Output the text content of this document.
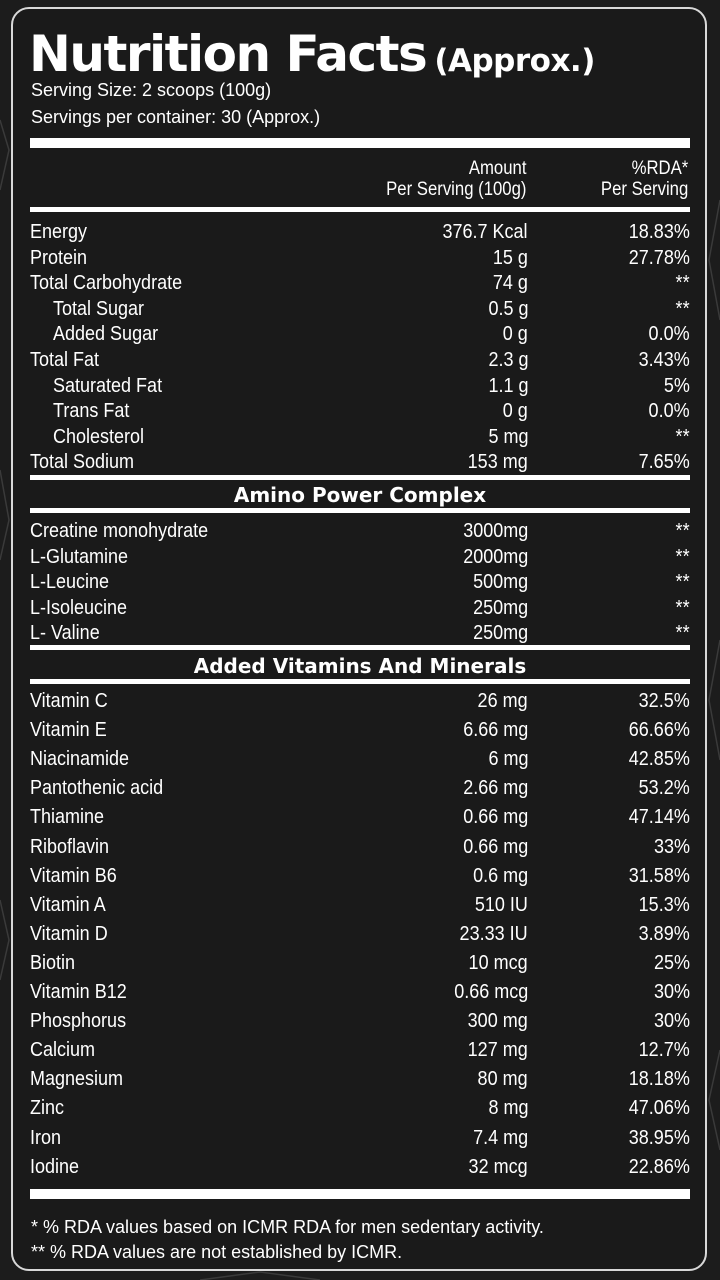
Nutrition Facts (Approx.)
Serving Size: 2 scoops (100g)
Servings per container: 30 (Approx.)
Amount
Per Serving (100g)
%RDA*
Per Serving
Energy	376.7 Kcal	18.83%
Protein	15 g	27.78%
Total Carbohydrate	74 g	**
Total Sugar	0.5 g	**
Added Sugar	0 g	0.0%
Total Fat	2.3 g	3.43%
Saturated Fat	1.1 g	5%
Trans Fat	0 g	0.0%
Cholesterol	5 mg	**
Total Sodium	153 mg	7.65%
Amino Power Complex
Creatine monohydrate	3000mg	**
L-Glutamine	2000mg	**
L-Leucine	500mg	**
L-Isoleucine	250mg	**
L- Valine	250mg	**
Added Vitamins And Minerals
Vitamin C	26 mg	32.5%
Vitamin E	6.66 mg	66.66%
Niacinamide	6 mg	42.85%
Pantothenic acid	2.66 mg	53.2%
Thiamine	0.66 mg	47.14%
Riboflavin	0.66 mg	33%
Vitamin B6	0.6 mg	31.58%
Vitamin A	510 IU	15.3%
Vitamin D	23.33 IU	3.89%
Biotin	10 mcg	25%
Vitamin B12	0.66 mcg	30%
Phosphorus	300 mg	30%
Calcium	127 mg	12.7%
Magnesium	80 mg	18.18%
Zinc	8 mg	47.06%
Iron	7.4 mg	38.95%
Iodine	32 mcg	22.86%
* % RDA values based on ICMR RDA for men sedentary activity.
** % RDA values are not established by ICMR.
